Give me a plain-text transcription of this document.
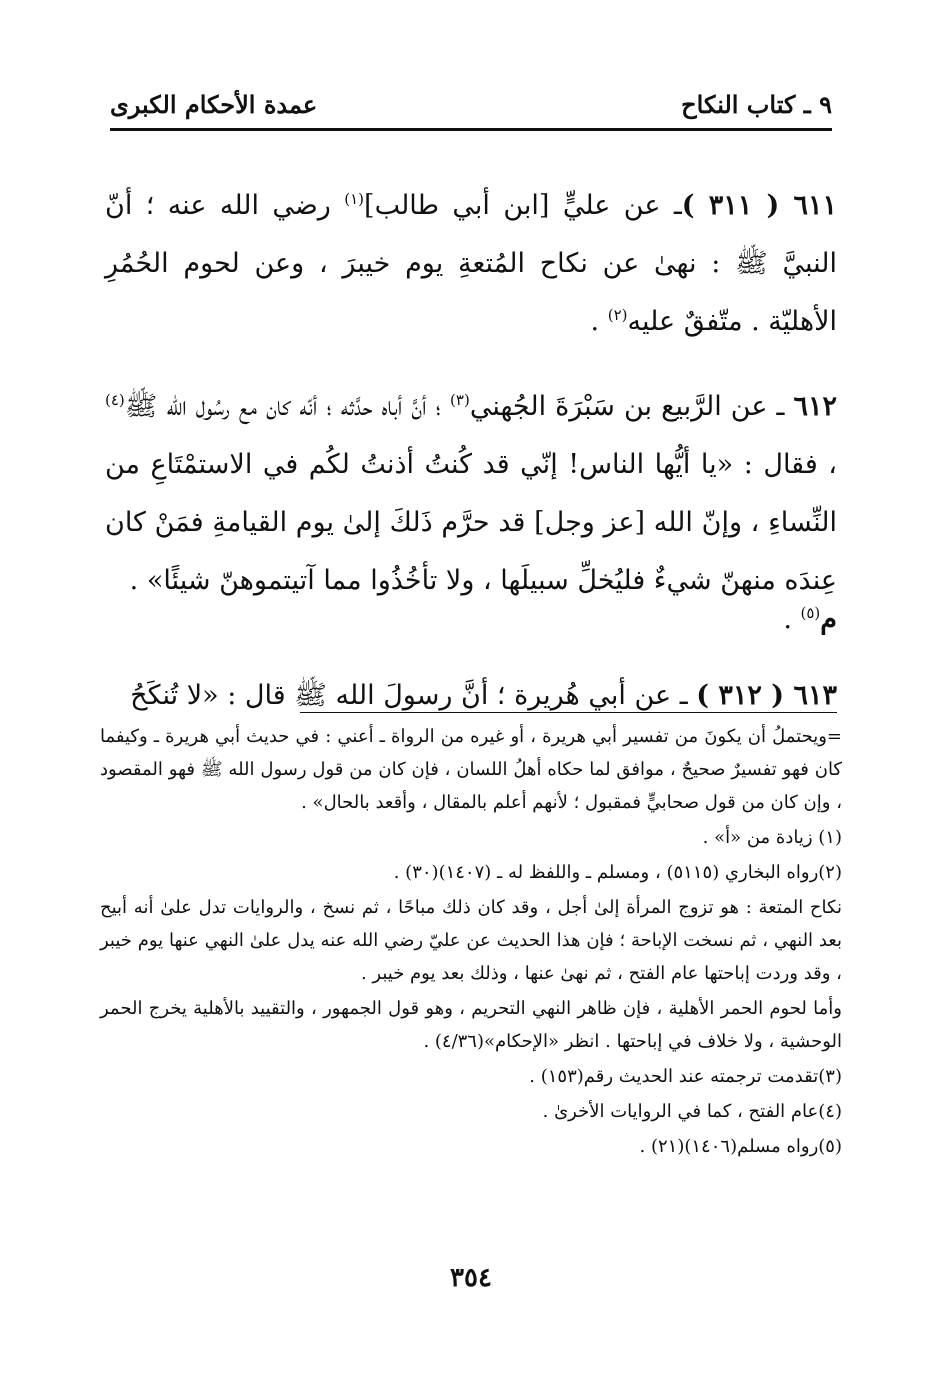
٩ ـ كتاب النكاح
عمدة الأحكام الكبرى

٦١١ ( ٣١١ )ـ عن عليٍّ [ابن أبي طالب]$^{(١)}$ رضي الله عنه ؛ أنّ النبيَّ ﷺ : نهىٰ عن نكاح المُتعةِ يوم خيبرَ ، وعن لحوم الحُمُرِ الأهليّة . متّفقٌ عليه$^{(٢)}$ .

٦١٢ ـ عن الرَّبيع بن سَبْرَةَ الجُهني$^{(٣)}$ ؛ أنَّ أباه حدَّثه ؛ أنّه كان مع رسُول الله ﷺ$^{(٤)}$ ، فقال : «يا أيُّها الناس! إنّي قد كُنتُ أذنتُ لكُم في الاستمْتَاعِ من النِّساءِ ، وإنّ الله [عز وجل] قد حرَّم ذَلكَ إلىٰ يوم القيامةِ فمَنْ كان عِندَه منهنّ شيءٌ فليُخلِّ سبيلَها ، ولا تأخُذُوا مما آتيتموهنّ شيئًا» .

م$^{(٥)}$ .

٦١٣ ( ٣١٢ ) ـ عن أبي هُريرة ؛ أنَّ رسولَ الله ﷺ قال : «لا تُنكَحُ

=ويحتملُ أن يكونَ من تفسير أبي هريرة ، أو غيره من الرواة ـ أعني : في حديث أبي هريرة ـ وكيفما كان فهو تفسيرٌ صحيحٌ ، موافق لما حكاه أهلُ اللسان ، فإن كان من قول رسول الله ﷺ فهو المقصود ، وإن كان من قول صحابيٍّ فمقبول ؛ لأنهم أعلم بالمقال ، وأقعد بالحال» .

(١) زيادة من «أ» .

(٢)رواه البخاري (٥١١٥) ، ومسلم ـ واللفظ له ـ (١٤٠٧)(٣٠) .

نكاح المتعة : هو تزوج المرأة إلىٰ أجل ، وقد كان ذلك مباحًا ، ثم نسخ ، والروايات تدل علىٰ أنه أبيح بعد النهي ، ثم نسخت الإباحة ؛ فإن هذا الحديث عن عليّ رضي الله عنه يدل علىٰ النهي عنها يوم خيبر ، وقد وردت إباحتها عام الفتح ، ثم نهىٰ عنها ، وذلك بعد يوم خيبر .

وأما لحوم الحمر الأهلية ، فإن ظاهر النهي التحريم ، وهو قول الجمهور ، والتقييد بالأهلية يخرج الحمر الوحشية ، ولا خلاف في إباحتها . انظر «الإحكام»(٤/٣٦) .

(٣)تقدمت ترجمته عند الحديث رقم(١٥٣) .

(٤)عام الفتح ، كما في الروايات الأخرىٰ .

(٥)رواه مسلم(١٤٠٦)(٢١) .

٣٥٤
